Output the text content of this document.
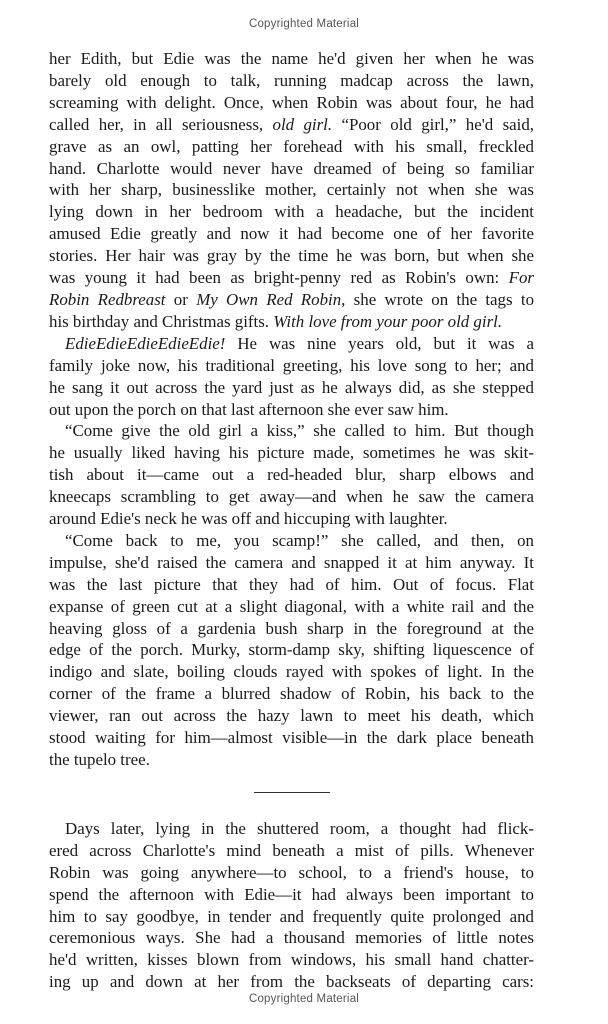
Copyrighted Material
her Edith, but Edie was the name he'd given her when he was
barely old enough to talk, running madcap across the lawn,
screaming with delight. Once, when Robin was about four, he had
called her, in all seriousness, old girl. “Poor old girl,” he'd said,
grave as an owl, patting her forehead with his small, freckled
hand. Charlotte would never have dreamed of being so familiar
with her sharp, businesslike mother, certainly not when she was
lying down in her bedroom with a headache, but the incident
amused Edie greatly and now it had become one of her favorite
stories. Her hair was gray by the time he was born, but when she
was young it had been as bright-penny red as Robin's own: For
Robin Redbreast or My Own Red Robin, she wrote on the tags to
his birthday and Christmas gifts. With love from your poor old girl.
EdieEdieEdieEdieEdie! He was nine years old, but it was a
family joke now, his traditional greeting, his love song to her; and
he sang it out across the yard just as he always did, as she stepped
out upon the porch on that last afternoon she ever saw him.
“Come give the old girl a kiss,” she called to him. But though
he usually liked having his picture made, sometimes he was skit-
tish about it—came out a red-headed blur, sharp elbows and
kneecaps scrambling to get away—and when he saw the camera
around Edie's neck he was off and hiccuping with laughter.
“Come back to me, you scamp!” she called, and then, on
impulse, she'd raised the camera and snapped it at him anyway. It
was the last picture that they had of him. Out of focus. Flat
expanse of green cut at a slight diagonal, with a white rail and the
heaving gloss of a gardenia bush sharp in the foreground at the
edge of the porch. Murky, storm-damp sky, shifting liquescence of
indigo and slate, boiling clouds rayed with spokes of light. In the
corner of the frame a blurred shadow of Robin, his back to the
viewer, ran out across the hazy lawn to meet his death, which
stood waiting for him—almost visible—in the dark place beneath
the tupelo tree.
Days later, lying in the shuttered room, a thought had flick-
ered across Charlotte's mind beneath a mist of pills. Whenever
Robin was going anywhere—to school, to a friend's house, to
spend the afternoon with Edie—it had always been important to
him to say goodbye, in tender and frequently quite prolonged and
ceremonious ways. She had a thousand memories of little notes
he'd written, kisses blown from windows, his small hand chatter-
ing up and down at her from the backseats of departing cars:
Copyrighted Material
